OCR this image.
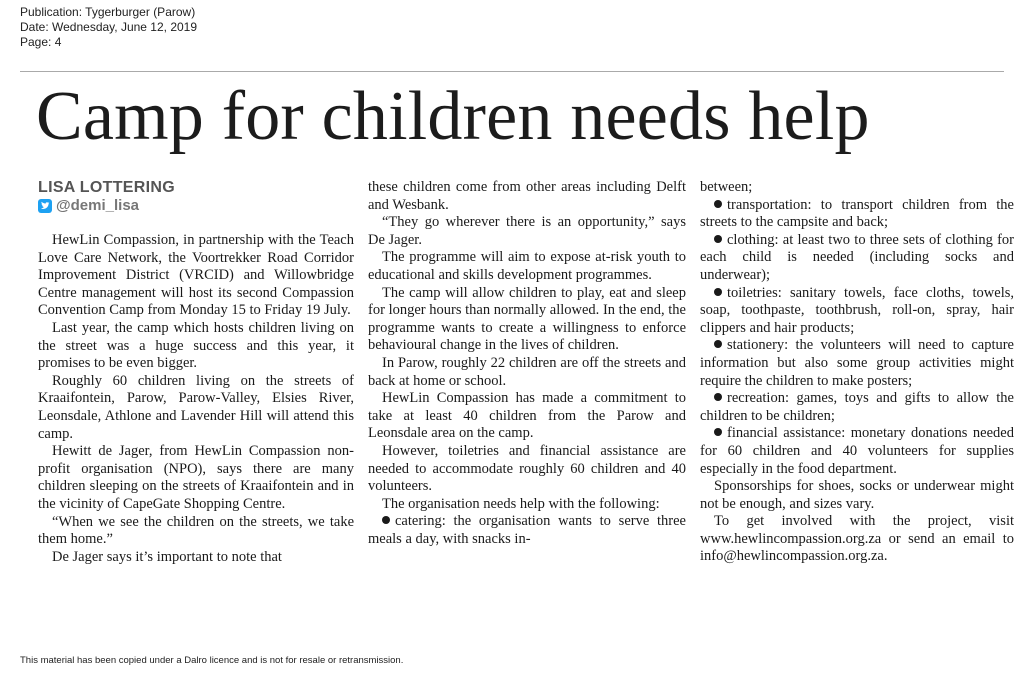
Publication: Tygerburger (Parow)
Date: Wednesday, June 12, 2019
Page: 4
Camp for children needs help
LISA LOTTERING
@demi_lisa

HewLin Compassion, in partnership with the Teach Love Care Network, the Voortrekker Road Corridor Improvement District (VRCID) and Willowbridge Centre management will host its second Compassion Convention Camp from Monday 15 to Friday 19 July.

Last year, the camp which hosts children living on the street was a huge success and this year, it promises to be even bigger.

Roughly 60 children living on the streets of Kraaifontein, Parow, Parow-Valley, Elsies River, Leonsdale, Athlone and Lavender Hill will attend this camp.

Hewitt de Jager, from HewLin Compassion non-profit organisation (NPO), says there are many children sleeping on the streets of Kraaifontein and in the vicinity of CapeGate Shopping Centre.

“When we see the children on the streets, we take them home.”

De Jager says it’s important to note that

these children come from other areas including Delft and Wesbank.

“They go wherever there is an opportunity,” says De Jager.

The programme will aim to expose at-risk youth to educational and skills development programmes.

The camp will allow children to play, eat and sleep for longer hours than normally allowed. In the end, the programme wants to create a willingness to enforce behavioural change in the lives of children.

In Parow, roughly 22 children are off the streets and back at home or school.

HewLin Compassion has made a commitment to take at least 40 children from the Parow and Leonsdale area on the camp.

However, toiletries and financial assistance are needed to accommodate roughly 60 children and 40 volunteers.

The organisation needs help with the following:

catering: the organisation wants to serve three meals a day, with snacks in-

between;

transportation: to transport children from the streets to the campsite and back;

clothing: at least two to three sets of clothing for each child is needed (including socks and underwear);

toiletries: sanitary towels, face cloths, towels, soap, toothpaste, toothbrush, roll-on, spray, hair clippers and hair products;

stationery: the volunteers will need to capture information but also some group activities might require the children to make posters;

recreation: games, toys and gifts to allow the children to be children;

financial assistance: monetary donations needed for 60 children and 40 volunteers for supplies especially in the food department.

Sponsorships for shoes, socks or underwear might not be enough, and sizes vary.

To get involved with the project, visit www.hewlincompassion.org.za or send an email to info@hewlincompassion.org.za.

This material has been copied under a Dalro licence and is not for resale or retransmission.
